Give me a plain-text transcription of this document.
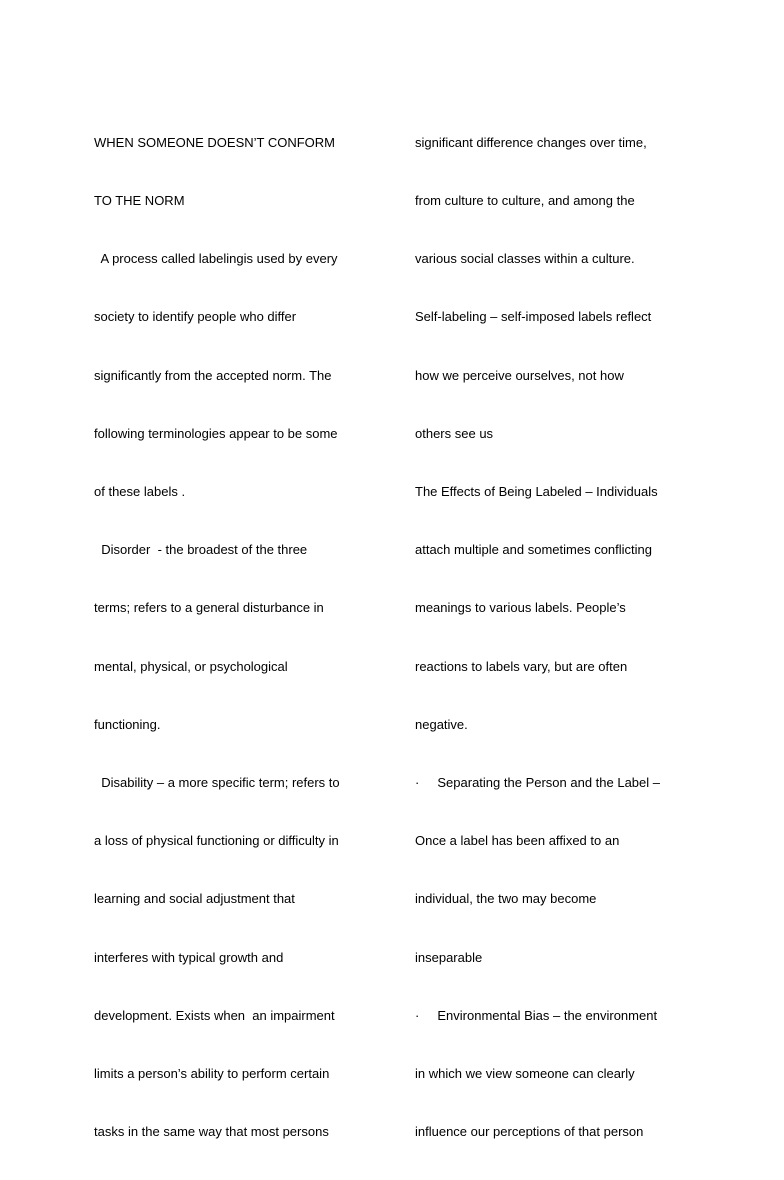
WHEN SOMEONE DOESN’T CONFORM

TO THE NORM

A process called labelingis used by every

society to identify people who differ

significantly from the accepted norm. The

following terminologies appear to be some

of these labels .

Disorder  - the broadest of the three

terms; refers to a general disturbance in

mental, physical, or psychological

functioning.

Disability – a more specific term; refers to

a loss of physical functioning or difficulty in

learning and social adjustment that

interferes with typical growth and

development. Exists when  an impairment

limits a person’s ability to perform certain

tasks in the same way that most persons

significant difference changes over time,

from culture to culture, and among the

various social classes within a culture.

Self-labeling – self-imposed labels reflect

how we perceive ourselves, not how

others see us

The Effects of Being Labeled – Individuals

attach multiple and sometimes conflicting

meanings to various labels. People’s

reactions to labels vary, but are often

negative.

·     Separating the Person and the Label –

Once a label has been affixed to an

individual, the two may become

inseparable

·     Environmental Bias – the environment

in which we view someone can clearly

influence our perceptions of that person
